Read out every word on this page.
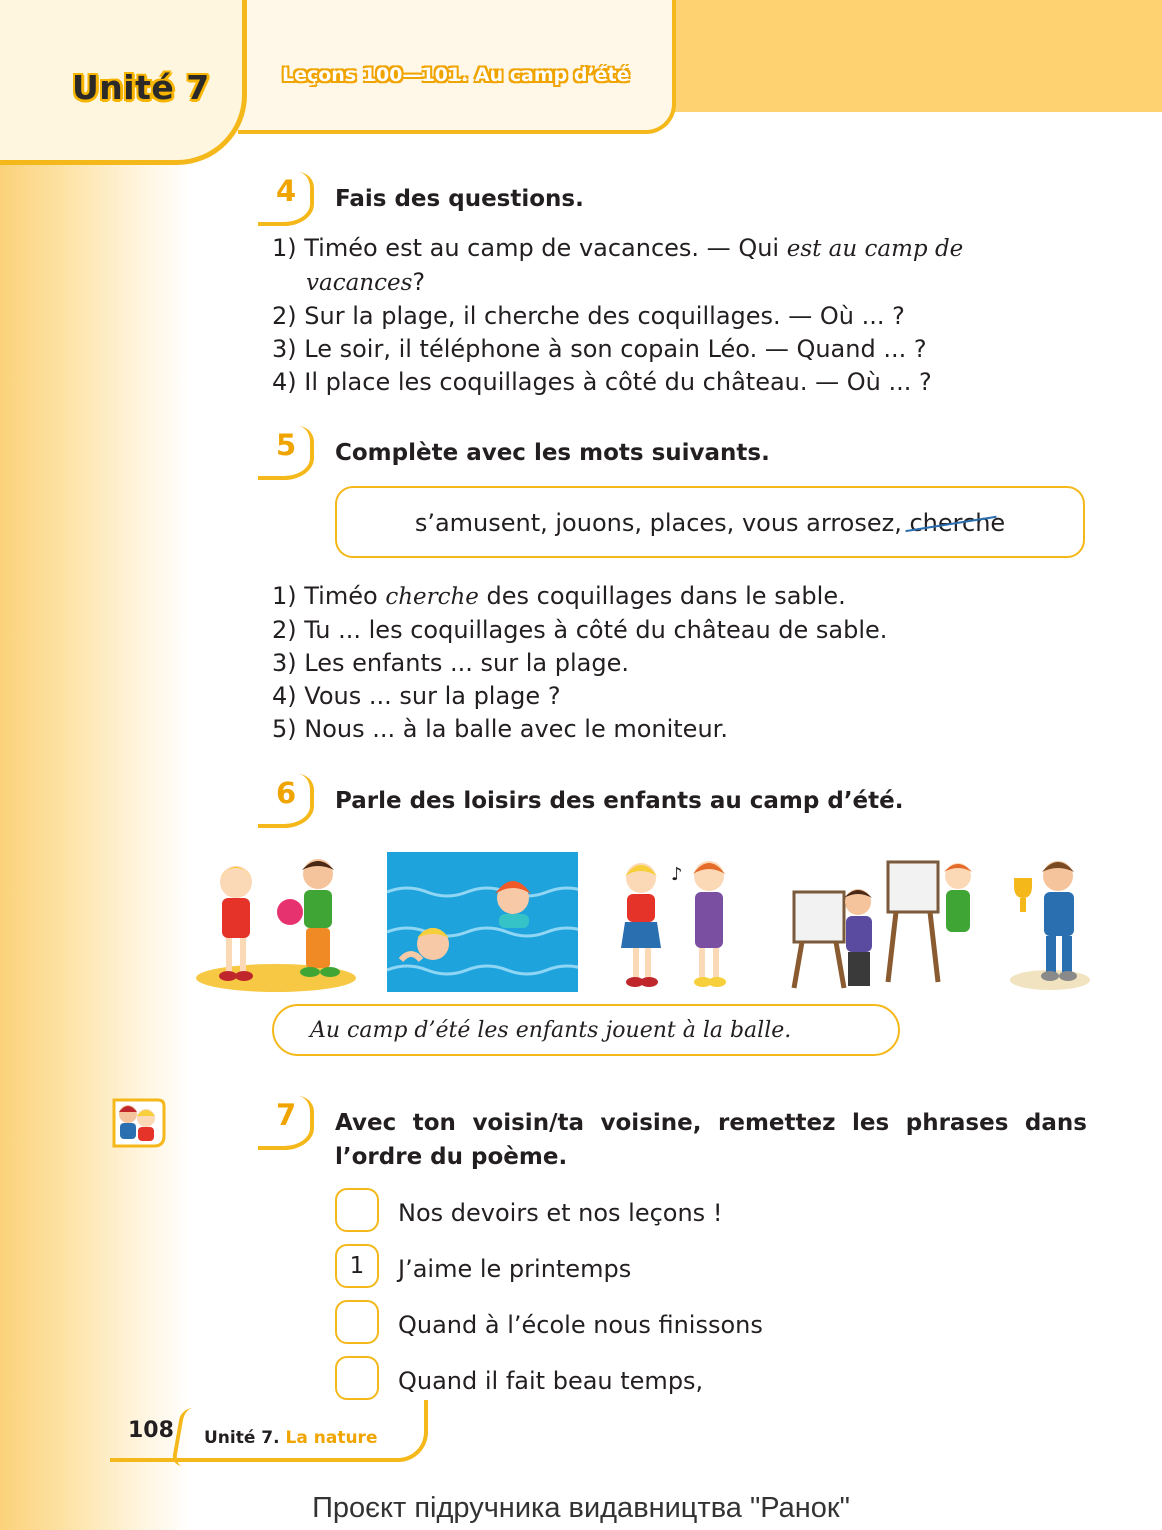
Unité 7	Leçons 100—101. Au camp d’été
4 Fais des questions.
1) Timéo est au camp de vacances. — Qui est au camp de
vacances?
2) Sur la plage, il cherche des coquillages. — Où ... ?
3) Le soir, il téléphone à son copain Léo. — Quand ... ?
4) Il place les coquillages à côté du château. — Où ... ?
5 Complète avec les mots suivants.
s’amusent, jouons, places, vous arrosez, cherche
1) Timéo cherche des coquillages dans le sable.
2) Tu ... les coquillages à côté du château de sable.
3) Les enfants ... sur la plage.
4) Vous ... sur la plage ?
5) Nous ... à la balle avec le moniteur.
6 Parle des loisirs des enfants au camp d’été.
♪
Au camp d’été les enfants jouent à la balle.
7 Avec ton voisin/ta voisine, remettez les phrases dans
l’ordre du poème.
Nos devoirs et nos leçons !
1	J’aime le printemps
Quand à l’école nous finissons
Quand il fait beau temps,
108 Unité 7. La nature
Проєкт підручника видавництва "Ранок"
